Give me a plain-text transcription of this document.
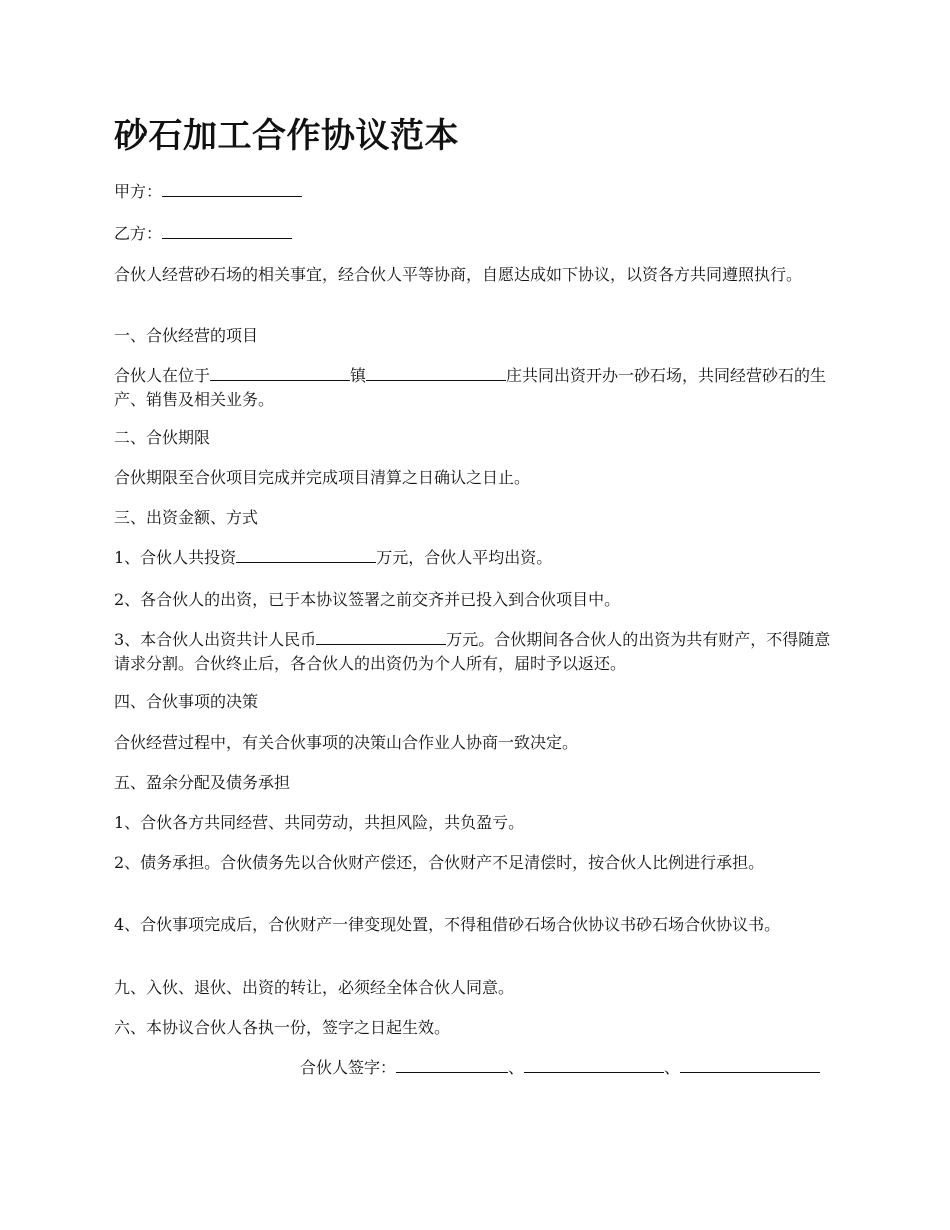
砂石加工合作协议范本

甲方：

乙方：

合伙人经营砂石场的相关事宜，经合伙人平等协商，自愿达成如下协议，以资各方共同遵照执行。

一、合伙经营的项目

合伙人在位于	镇	庄共同出资开办一砂石场，共同经营砂石的生产、销售及相关业务。

二、合伙期限

合伙期限至合伙项目完成并完成项目清算之日确认之日止。

三、出资金额、方式

1、合伙人共投资	万元，合伙人平均出资。

2、各合伙人的出资，已于本协议签署之前交齐并已投入到合伙项目中。

3、本合伙人出资共计人民币	万元。合伙期间各合伙人的出资为共有财产，不得随意请求分割。合伙终止后，各合伙人的出资仍为个人所有，届时予以返还。

四、合伙事项的决策

合伙经营过程中，有关合伙事项的决策山合作业人协商一致决定。

五、盈余分配及债务承担

1、合伙各方共同经营、共同劳动，共担风险，共负盈亏。

2、债务承担。合伙债务先以合伙财产偿还，合伙财产不足清偿时，按合伙人比例进行承担。

4、合伙事项完成后，合伙财产一律变现处置，不得租借砂石场合伙协议书砂石场合伙协议书。

九、入伙、退伙、出资的转让，必须经全体合伙人同意。

六、本协议合伙人各执一份，签字之日起生效。

合伙人签字：	、	、
